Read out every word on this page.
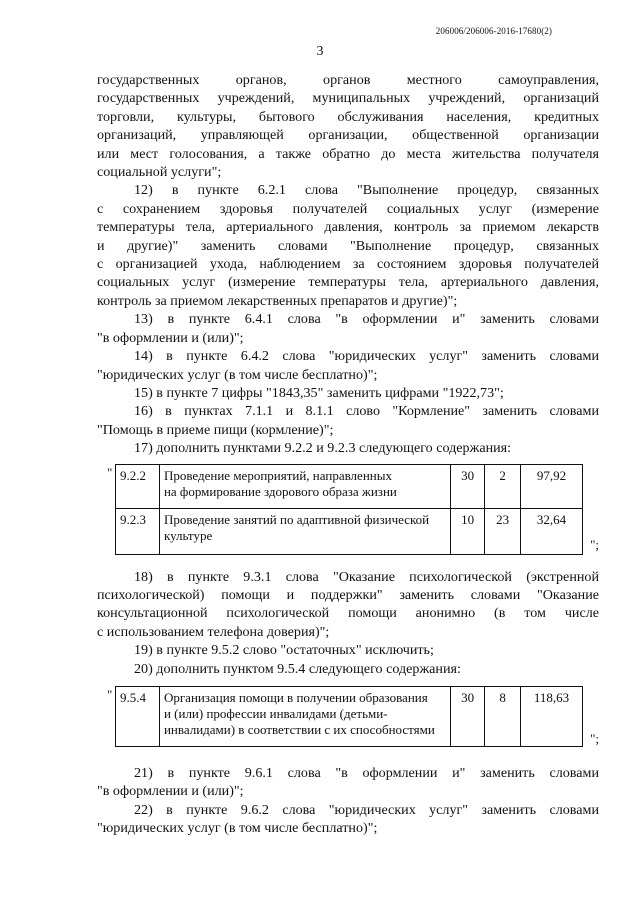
206006/206006-2016-17680(2)
3
государственных органов, органов местного самоуправления,
государственных учреждений, муниципальных учреждений, организаций
торговли, культуры, бытового обслуживания населения, кредитных
организаций, управляющей организации, общественной организации
или мест голосования, а также обратно до места жительства получателя
социальной услуги";
12) в пункте 6.2.1 слова "Выполнение процедур, связанных
с сохранением здоровья получателей социальных услуг (измерение
температуры тела, артериального давления, контроль за приемом лекарств
и другие)" заменить словами "Выполнение процедур, связанных
с организацией ухода, наблюдением за состоянием здоровья получателей
социальных услуг (измерение температуры тела, артериального давления,
контроль за приемом лекарственных препаратов и другие)";
13) в пункте 6.4.1 слова "в оформлении и" заменить словами
"в оформлении и (или)";
14) в пункте 6.4.2 слова "юридических услуг" заменить словами
"юридических услуг (в том числе бесплатно)";
15) в пункте 7 цифры "1843,35" заменить цифрами "1922,73";
16) в пунктах 7.1.1 и 8.1.1 слово "Кормление" заменить словами
"Помощь в приеме пищи (кормление)";
17) дополнить пунктами 9.2.2 и 9.2.3 следующего содержания:
" 9.2.2	Проведение мероприятий, направленных
на формирование здорового образа жизни	30	2	97,92
9.2.3	Проведение занятий по адаптивной физической
культуре	10	23	32,64
";
18) в пункте 9.3.1 слова "Оказание психологической (экстренной
психологической) помощи и поддержки" заменить словами "Оказание
консультационной психологической помощи анонимно (в том числе
с использованием телефона доверия)";
19) в пункте 9.5.2 слово "остаточных" исключить;
20) дополнить пунктом 9.5.4 следующего содержания:
" 9.5.4	Организация помощи в получении образования
и (или) профессии инвалидами (детьми-
инвалидами) в соответствии с их способностями	30	8	118,63
";
21) в пункте 9.6.1 слова "в оформлении и" заменить словами
"в оформлении и (или)";
22) в пункте 9.6.2 слова "юридических услуг" заменить словами
"юридических услуг (в том числе бесплатно)";
